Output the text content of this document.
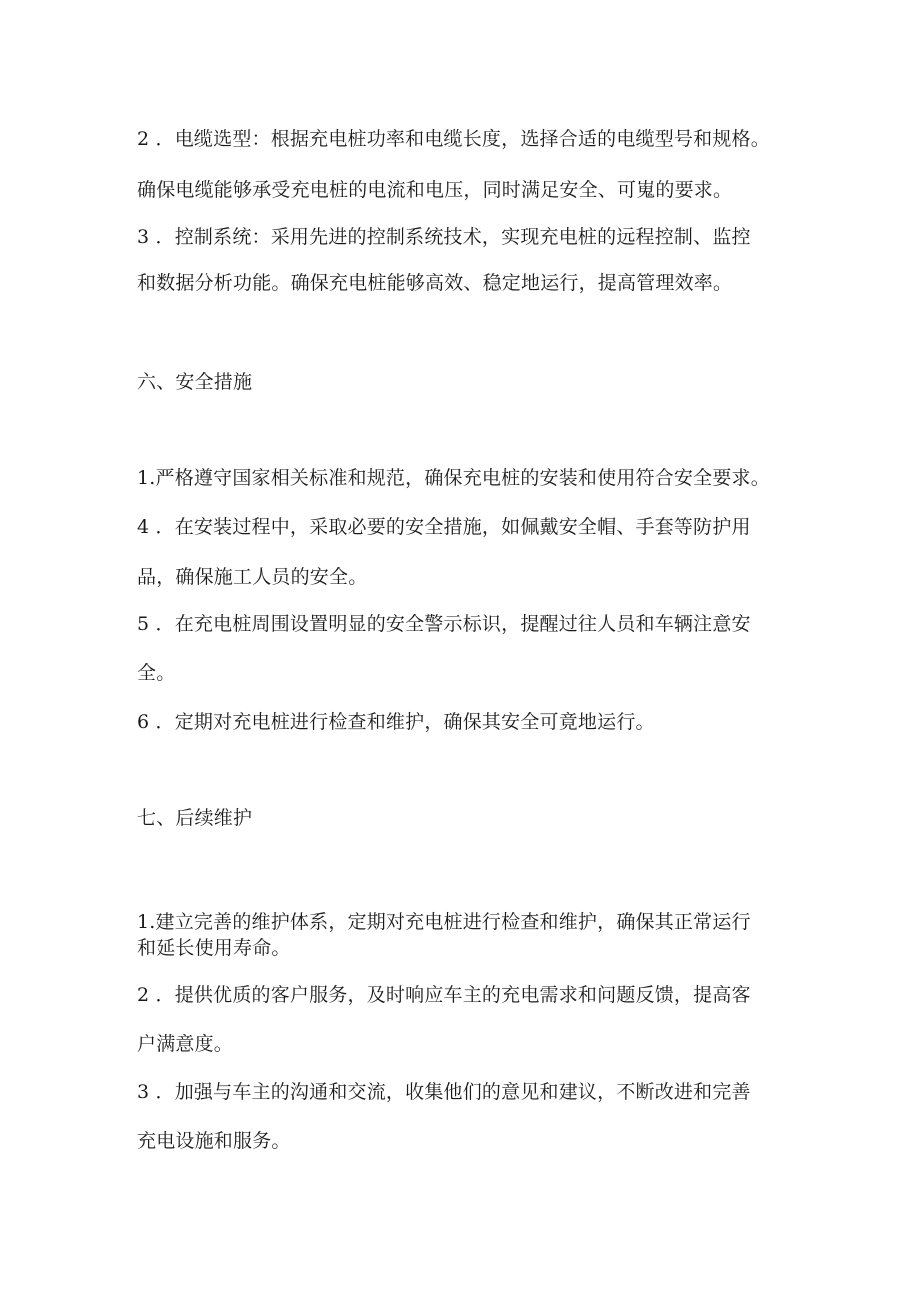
2 ．电缆选型：根据充电桩功率和电缆长度，选择合适的电缆型号和规格。
确保电缆能够承受充电桩的电流和电压，同时满足安全、可嵬的要求。
3 ．控制系统：采用先进的控制系统技术，实现充电桩的远程控制、监控
和数据分析功能。确保充电桩能够高效、稳定地运行，提高管理效率。
六、安全措施
1.严格遵守国家相关标准和规范，确保充电桩的安装和使用符合安全要求。
4 ．在安装过程中，采取必要的安全措施，如佩戴安全帽、手套等防护用
品，确保施工人员的安全。
5 ．在充电桩周围设置明显的安全警示标识，提醒过往人员和车辆注意安
全。
6 ．定期对充电桩进行检查和维护，确保其安全可竟地运行。
七、后续维护
1.建立完善的维护体系，定期对充电桩进行检查和维护，确保其正常运行
和延长使用寿命。
2 ．提供优质的客户服务，及时响应车主的充电需求和问题反馈，提高客
户满意度。
3 ．加强与车主的沟通和交流，收集他们的意见和建议，不断改进和完善
充电设施和服务。
